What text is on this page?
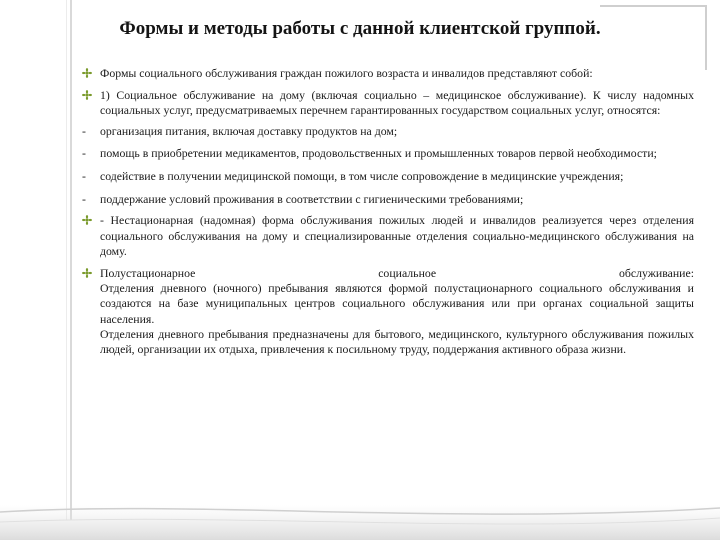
Формы и методы работы с данной клиентской группой.
Формы социального обслуживания граждан пожилого возраста и инвалидов представляют собой:
1) Социальное обслуживание на дому (включая социально – медицинское обслуживание). К числу надомных социальных услуг, предусматриваемых перечнем гарантированных государством социальных услуг, относятся:
- организация питания, включая доставку продуктов на дом;
- помощь в приобретении медикаментов, продовольственных и промышленных товаров первой необходимости;
- содействие в получении медицинской помощи, в том числе сопровождение в медицинские учреждения;
- поддержание условий проживания в соответствии с гигиеническими требованиями;
- Нестационарная (надомная) форма обслуживания пожилых людей и инвалидов реализуется через отделения социального обслуживания на дому и специализированные отделения социально-медицинского обслуживания на дому.
Полустационарное социальное обслуживание:
Отделения дневного (ночного) пребывания являются формой полустационарного социального обслуживания и создаются на базе муниципальных центров социального обслуживания или при органах социальной защиты населения.
Отделения дневного пребывания предназначены для бытового, медицинского, культурного обслуживания пожилых людей, организации их отдыха, привлечения к посильному труду, поддержания активного образа жизни.
